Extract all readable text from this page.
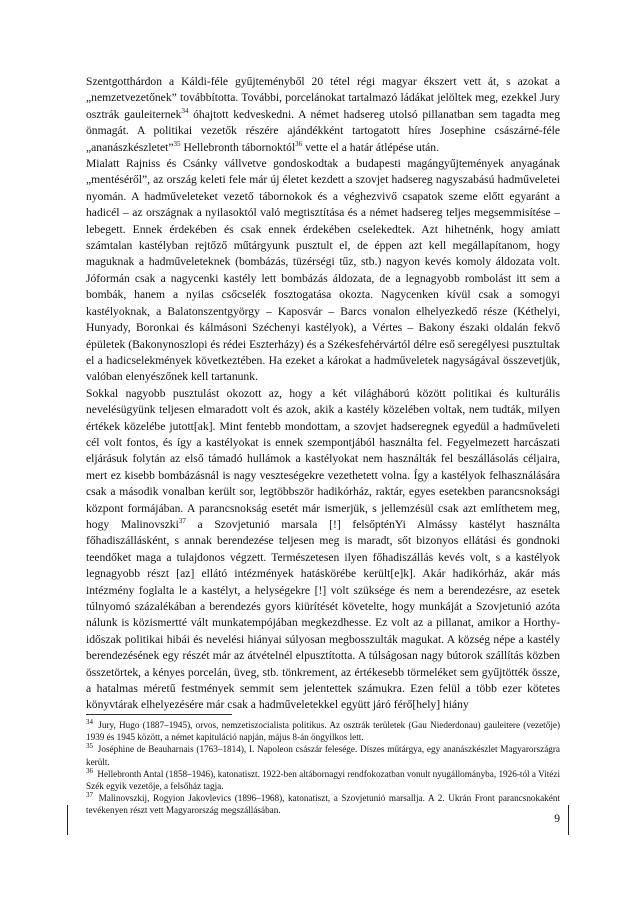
Szentgotthárdon a Káldi-féle gyűjteményből 20 tétel régi magyar ékszert vett át, s azokat a „nemzetvezetőnek” továbbította. További, porcelánokat tartalmazó ládákat jelöltek meg, ezekkel Jury osztrák gauleiternek$^{34}$ óhajtott kedveskedni. A német hadsereg utolsó pillanatban sem tagadta meg önmagát. A politikai vezetők részére ajándékként tartogatott híres Josephine császárné-féle „ananászkészletet”$^{35}$ Hellebronth tábornoktól$^{36}$ vette el a határ átlépése után.

Mialatt Rajniss és Csánky vállvetve gondoskodtak a budapesti magángyűjtemények anyagának „mentéséről”, az ország keleti fele már új életet kezdett a szovjet hadsereg nagyszabású hadműveletei nyomán. A hadműveleteket vezető tábornokok és a véghezvivő csapatok szeme előtt egyaránt a hadicél – az országnak a nyilasoktól való megtisztítása és a német hadsereg teljes megsemmisítése – lebegett. Ennek érdekében és csak ennek érdekében cselekedtek. Azt hihetnénk, hogy amiatt számtalan kastélyban rejtőző műtárgyunk pusztult el, de éppen azt kell megállapítanom, hogy maguknak a hadműveleteknek (bombázás, tüzérségi tűz, stb.) nagyon kevés komoly áldozata volt. Jóformán csak a nagycenki kastély lett bombázás áldozata, de a legnagyobb rombolást itt sem a bombák, hanem a nyilas csőcselék fosztogatása okozta. Nagycenken kívül csak a somogyi kastélyoknak, a Balatonszentgyörgy – Kaposvár – Barcs vonalon elhelyezkedő része (Kéthelyi, Hunyady, Boronkai és kálmásoni Széchenyi kastélyok), a Vértes – Bakony északi oldalán fekvő épületek (Bakonynoszlopi és rédei Eszterházy) és a Székesfehérvártól délre eső seregélyesi pusztultak el a hadicselekmények következtében. Ha ezeket a károkat a hadműveletek nagyságával összevetjük, valóban elenyészőnek kell tartanunk.

Sokkal nagyobb pusztulást okozott az, hogy a két világháború között politikai és kulturális nevelésügyünk teljesen elmaradott volt és azok, akik a kastély közelében voltak, nem tudták, milyen értékek közelébe jutott[ak]. Mint fentebb mondottam, a szovjet hadseregnek egyedül a hadműveleti cél volt fontos, és így a kastélyokat is ennek szempontjából használta fel. Fegyelmezett harcászati eljárásuk folytán az első támadó hullámok a kastélyokat nem használták fel beszállásolás céljaira, mert ez kisebb bombázásnál is nagy veszteségekre vezethetett volna. Így a kastélyok felhasználására csak a második vonalban került sor, legtöbbször hadikórház, raktár, egyes esetekben parancsnoksági központ formájában. A parancsnokság esetét már ismerjük, s jellemzésül csak azt említhetem meg, hogy Malinovszki$^{37}$ a Szovjetunió marsala [!] felsőpténYi Almássy kastélyt használta főhadiszállásként, s annak berendezése teljesen meg is maradt, sőt bizonyos ellátási és gondnoki teendőket maga a tulajdonos végzett. Természetesen ilyen főhadiszállás kevés volt, s a kastélyok legnagyobb részt [az] ellátó intézmények hatáskörébe került[e]k]. Akár hadikórház, akár más intézmény foglalta le a kastélyt, a helységekre [!] volt szüksége és nem a berendezésre, az esetek túlnyomó százalékában a berendezés gyors kiürítését követelte, hogy munkáját a Szovjetunió azóta nálunk is közismertté vált munkatempójában megkezdhesse. Ez volt az a pillanat, amikor a Horthy-időszak politikai hibái és nevelési hiányai súlyosan megbosszulták magukat. A község népe a kastély berendezésének egy részét már az átvételnél elpusztította. A túlságosan nagy bútorok szállítás közben összetörtek, a kényes porcelán, üveg, stb. tönkrement, az értékesebb törmeléket sem gyűjtötték össze, a hatalmas méretű festmények semmit sem jelentettek számukra. Ezen felül a több ezer kötetes könyvtárak elhelyezésére már csak a hadműveletekkel együtt járó férő[hely] hiány

$^{34}$ Jury, Hugo (1887–1945), orvos, nemzetiszocialista politikus. Az osztrák területek (Gau Niederdonau) gauleitere (vezetője) 1939 és 1945 között, a német kapituláció napján, május 8-án öngyilkos lett.

$^{35}$ Joséphine de Beauharnais (1763–1814), I. Napoleon császár felesége. Díszes műtárgya, egy ananászkészlet Magyarországra került.

$^{36}$ Hellebronth Antal (1858–1946), katonatiszt. 1922-ben altábornagyi rendfokozatban vonult nyugállományba, 1926-tól a Vitézi Szék egyik vezetője, a felsőház tagja.

$^{37}$ Malinovszkij, Rogyion Jakovlevics (1896–1968), katonatiszt, a Szovjetunió marsallja. A 2. Ukrán Front parancsnokaként tevékenyen részt vett Magyarország megszállásában.

9
